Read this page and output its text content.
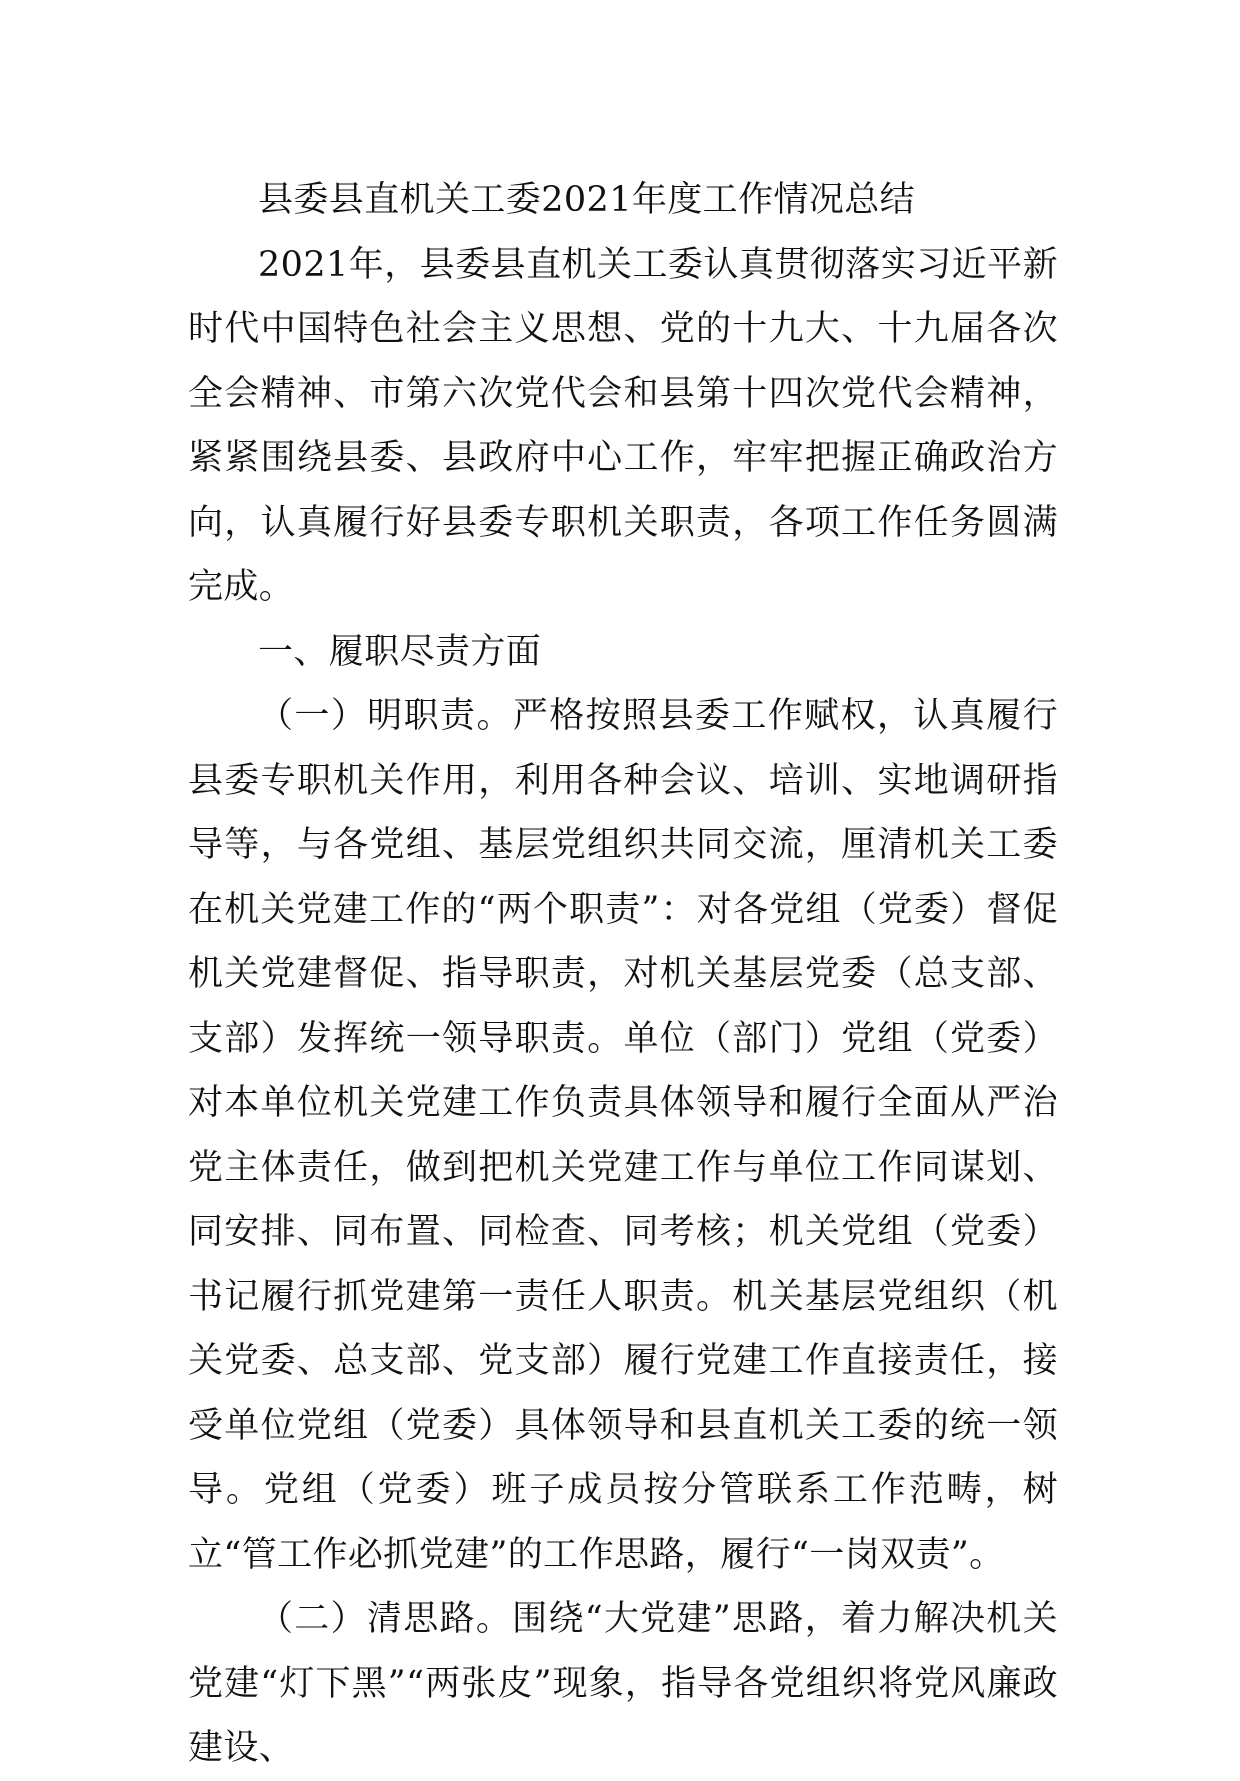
县委县直机关工委2021年度工作情况总结

2021年，县委县直机关工委认真贯彻落实习近平新时代中国特色社会主义思想、党的十九大、十九届各次全会精神、市第六次党代会和县第十四次党代会精神，紧紧围绕县委、县政府中心工作，牢牢把握正确政治方向，认真履行好县委专职机关职责，各项工作任务圆满完成。

一、履职尽责方面

（一）明职责。严格按照县委工作赋权，认真履行县委专职机关作用，利用各种会议、培训、实地调研指导等，与各党组、基层党组织共同交流，厘清机关工委在机关党建工作的“两个职责”：对各党组（党委）督促机关党建督促、指导职责，对机关基层党委（总支部、支部）发挥统一领导职责。单位（部门）党组（党委）对本单位机关党建工作负责具体领导和履行全面从严治党主体责任，做到把机关党建工作与单位工作同谋划、同安排、同布置、同检查、同考核；机关党组（党委）书记履行抓党建第一责任人职责。机关基层党组织（机关党委、总支部、党支部）履行党建工作直接责任，接受单位党组（党委）具体领导和县直机关工委的统一领导。党组（党委）班子成员按分管联系工作范畴，树立“管工作必抓党建”的工作思路，履行“一岗双责”。

（二）清思路。围绕“大党建”思路，着力解决机关党建“灯下黑”“两张皮”现象，指导各党组织将党风廉政建设、
